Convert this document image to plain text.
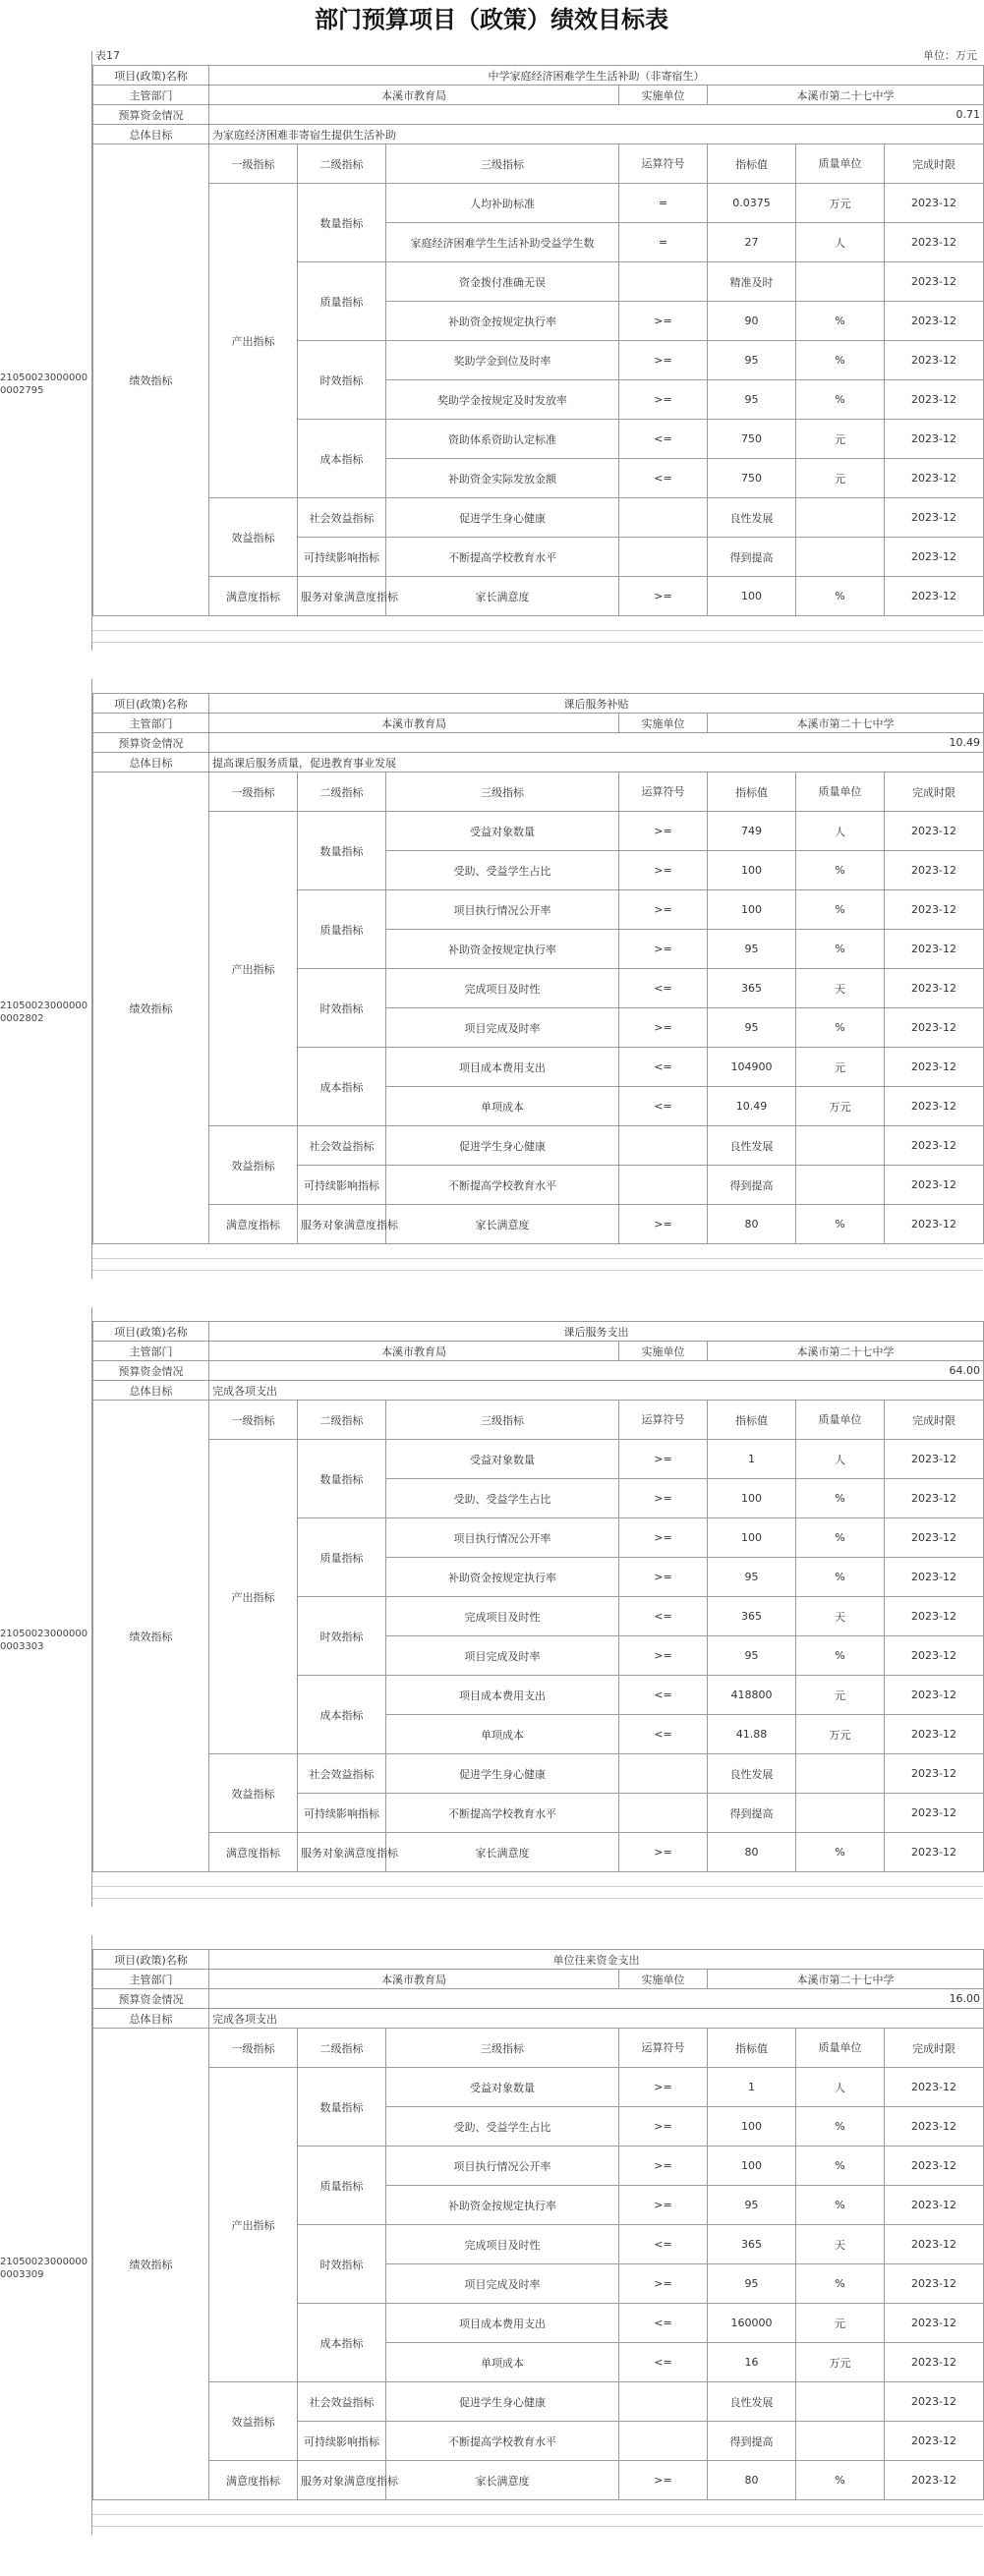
部门预算项目（政策）绩效目标表
表17	单位：万元
210500230000000002795
项目(政策)名称	中学家庭经济困难学生生活补助（非寄宿生）						
主管部门	本溪市教育局			实施单位	本溪市第二十七中学		
预算资金情况	0.71						
总体目标	为家庭经济困难非寄宿生提供生活补助						
绩效指标	一级指标	二级指标	三级指标	运算符号	指标值	质量单位	完成时限
	产出指标	数量指标	人均补助标准	=	0.0375	万元	2023-12
			家庭经济困难学生生活补助受益学生数	=	27	人	2023-12
		质量指标	资金拨付准确无误		精准及时		2023-12
			补助资金按规定执行率	>=	90	%	2023-12
		时效指标	奖助学金到位及时率	>=	95	%	2023-12
			奖助学金按规定及时发放率	>=	95	%	2023-12
		成本指标	资助体系资助认定标准	<=	750	元	2023-12
			补助资金实际发放金额	<=	750	元	2023-12
	效益指标	社会效益指标	促进学生身心健康		良性发展		2023-12
		可持续影响指标	不断提高学校教育水平		得到提高		2023-12
	满意度指标	服务对象满意度指标	家长满意度	>=	100	%	2023-12
210500230000000002802
项目(政策)名称	课后服务补贴						
主管部门	本溪市教育局			实施单位	本溪市第二十七中学		
预算资金情况	10.49						
总体目标	提高课后服务质量，促进教育事业发展						
绩效指标	一级指标	二级指标	三级指标	运算符号	指标值	质量单位	完成时限
	产出指标	数量指标	受益对象数量	>=	749	人	2023-12
			受助、受益学生占比	>=	100	%	2023-12
		质量指标	项目执行情况公开率	>=	100	%	2023-12
			补助资金按规定执行率	>=	95	%	2023-12
		时效指标	完成项目及时性	<=	365	天	2023-12
			项目完成及时率	>=	95	%	2023-12
		成本指标	项目成本费用支出	<=	104900	元	2023-12
			单项成本	<=	10.49	万元	2023-12
	效益指标	社会效益指标	促进学生身心健康		良性发展		2023-12
		可持续影响指标	不断提高学校教育水平		得到提高		2023-12
	满意度指标	服务对象满意度指标	家长满意度	>=	80	%	2023-12
210500230000000003303
项目(政策)名称	课后服务支出						
主管部门	本溪市教育局			实施单位	本溪市第二十七中学		
预算资金情况	64.00						
总体目标	完成各项支出						
绩效指标	一级指标	二级指标	三级指标	运算符号	指标值	质量单位	完成时限
	产出指标	数量指标	受益对象数量	>=	1	人	2023-12
			受助、受益学生占比	>=	100	%	2023-12
		质量指标	项目执行情况公开率	>=	100	%	2023-12
			补助资金按规定执行率	>=	95	%	2023-12
		时效指标	完成项目及时性	<=	365	天	2023-12
			项目完成及时率	>=	95	%	2023-12
		成本指标	项目成本费用支出	<=	418800	元	2023-12
			单项成本	<=	41.88	万元	2023-12
	效益指标	社会效益指标	促进学生身心健康		良性发展		2023-12
		可持续影响指标	不断提高学校教育水平		得到提高		2023-12
	满意度指标	服务对象满意度指标	家长满意度	>=	80	%	2023-12
210500230000000003309
项目(政策)名称	单位往来资金支出						
主管部门	本溪市教育局			实施单位	本溪市第二十七中学		
预算资金情况	16.00						
总体目标	完成各项支出						
绩效指标	一级指标	二级指标	三级指标	运算符号	指标值	质量单位	完成时限
	产出指标	数量指标	受益对象数量	>=	1	人	2023-12
			受助、受益学生占比	>=	100	%	2023-12
		质量指标	项目执行情况公开率	>=	100	%	2023-12
			补助资金按规定执行率	>=	95	%	2023-12
		时效指标	完成项目及时性	<=	365	天	2023-12
			项目完成及时率	>=	95	%	2023-12
		成本指标	项目成本费用支出	<=	160000	元	2023-12
			单项成本	<=	16	万元	2023-12
	效益指标	社会效益指标	促进学生身心健康		良性发展		2023-12
		可持续影响指标	不断提高学校教育水平		得到提高		2023-12
	满意度指标	服务对象满意度指标	家长满意度	>=	80	%	2023-12
